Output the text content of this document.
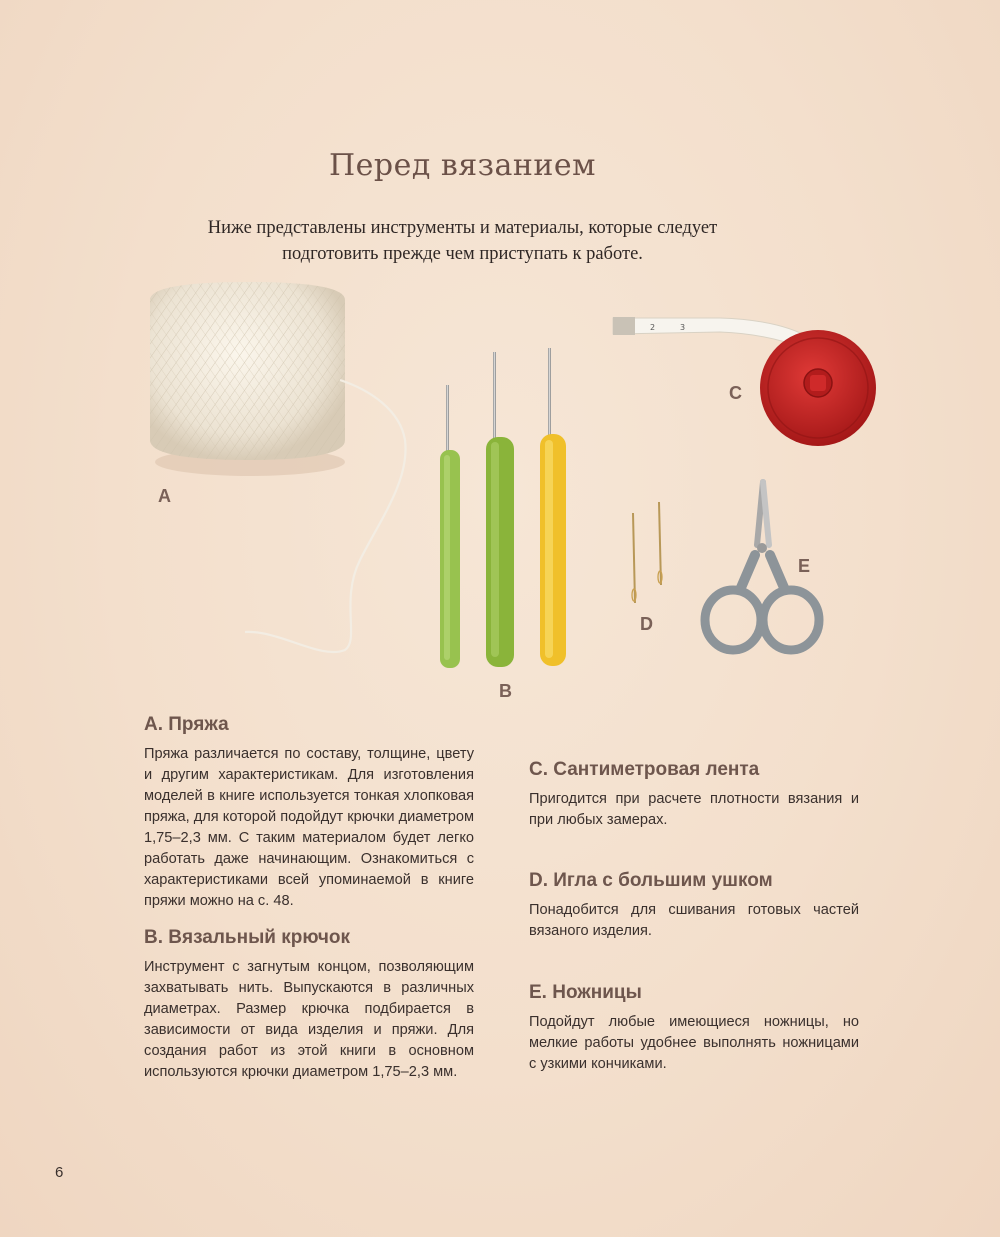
Перед вязанием
Ниже представлены инструменты и материалы, которые следует подготовить прежде чем приступать к работе.
2	3
A
B
C
D
E
A. Пряжа
Пряжа различается по составу, толщине, цвету и другим характеристикам. Для изготовления моделей в книге используется тонкая хлопковая пряжа, для которой подойдут крючки диаметром 1,75–2,3 мм. С таким материалом будет легко работать даже начинающим. Ознакомиться с характеристиками всей упоминаемой в книге пряжи можно на с. 48.
B. Вязальный крючок
Инструмент с загнутым концом, позволяющим захватывать нить. Выпускаются в различных диаметрах. Размер крючка подбирается в зависимости от вида изделия и пряжи. Для создания работ из этой книги в основном используются крючки диаметром 1,75–2,3 мм.
C. Сантиметровая лента
Пригодится при расчете плотности вязания и при любых замерах.
D. Игла с большим ушком
Понадобится для сшивания готовых частей вязаного изделия.
E. Ножницы
Подойдут любые имеющиеся ножницы, но мелкие работы удобнее выполнять ножницами с узкими кончиками.
6
